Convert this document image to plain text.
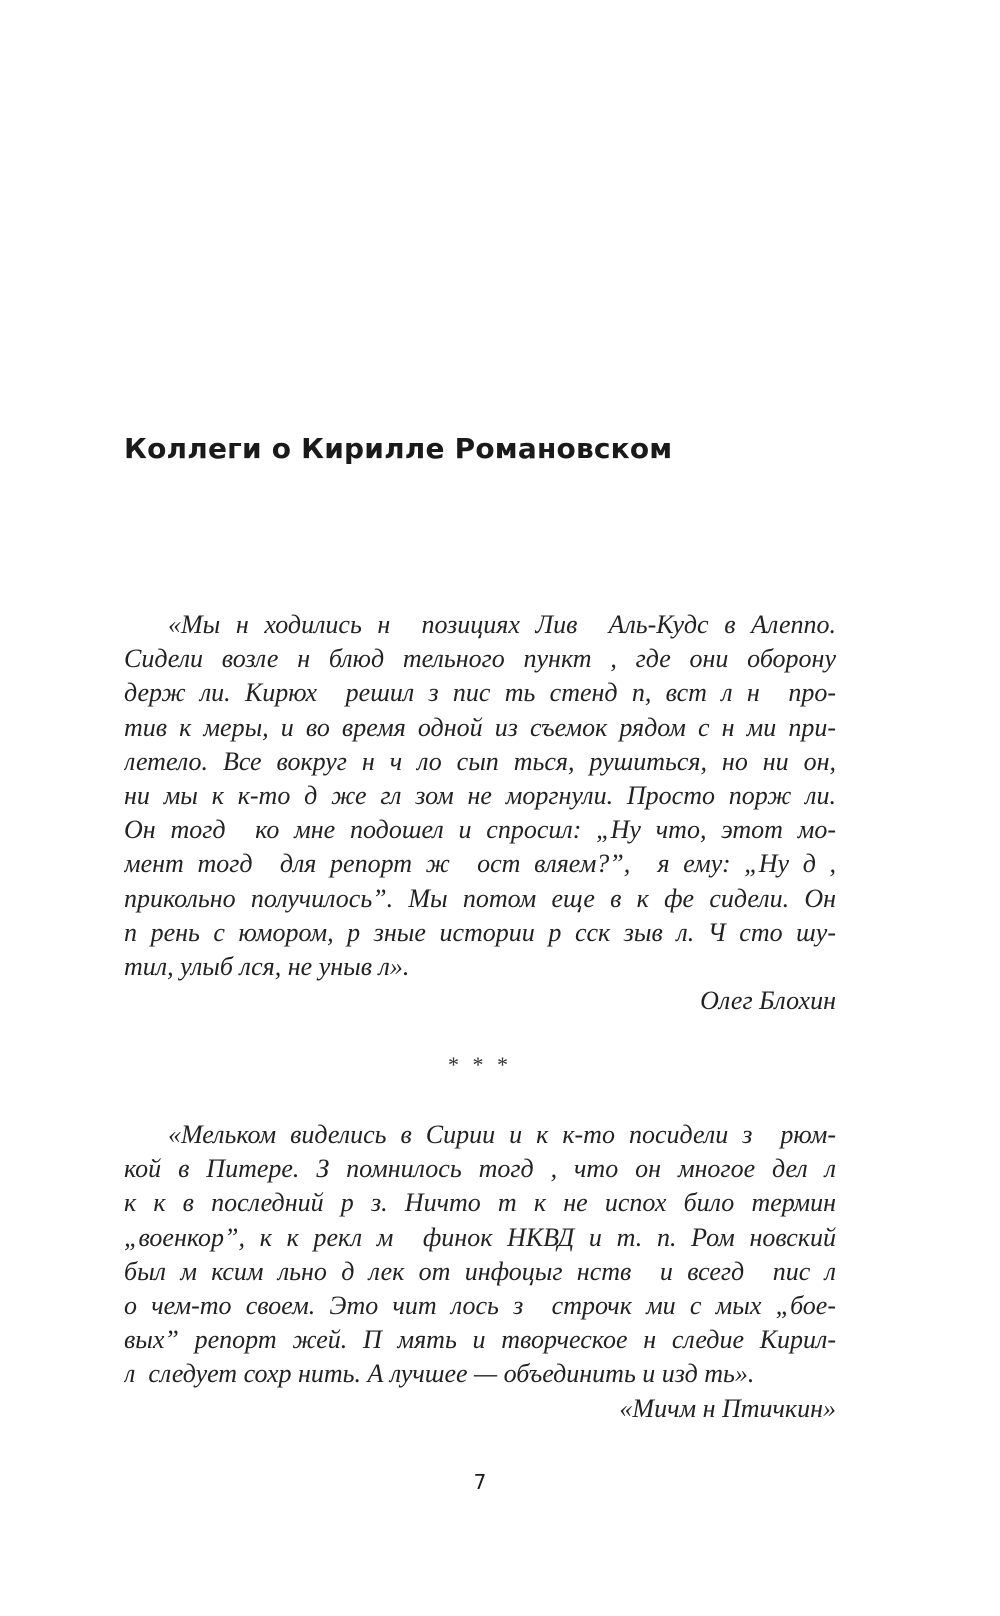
Коллеги о Кирилле Романовском
«Мы н ходились н  позициях Лив  Аль-Кудс в Алеппо.
Сидели возле н блюд тельного пункт , где они оборону
держ ли. Кирюх  решил з пис ть стенд п, вст л н  про-
тив к меры, и во время одной из съемок рядом с н ми при-
летело. Все вокруг н ч ло сып ться, рушиться, но ни он,
ни мы к к-то д же гл зом не моргнули. Просто порж ли.
Он тогд  ко мне подошел и спросил: „Ну что, этот мо-
мент тогд  для репорт ж  ост вляем?”,  я ему: „Ну д ,
прикольно получилось”. Мы потом еще в к фе сидели. Он
п рень с юмором, р зные истории р сск зыв л. Ч сто шу-
тил, улыб лся, не уныв л».
Олег Блохин
* * *
«Мельком виделись в Сирии и к к-то посидели з  рюм-
кой в Питере. З помнилось тогд , что он многое дел л
к к в последний р з. Ничто т к не испох било термин
„военкор”, к к рекл м  финок НКВД и т. п. Ром новский
был м ксим льно д лек от инфоцыг нств  и всегд  пис л
о чем-то своем. Это чит лось з  строчк ми с мых „бое-
вых” репорт жей. П мять и творческое н следие Кирил-
л  следует сохр нить. А лучшее — объединить и изд ть».
«Мичм н Птичкин»
7
